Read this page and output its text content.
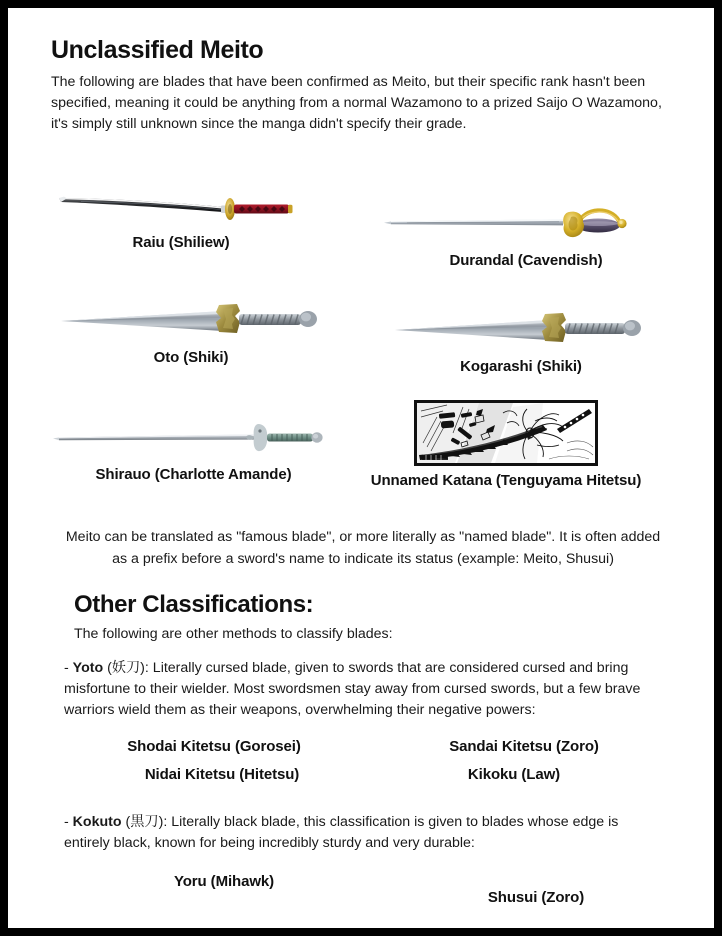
Unclassified Meito

The following are blades that have been confirmed as Meito, but their specific rank hasn't been specified, meaning it could be anything from a normal Wazamono to a prized Saijo O Wazamono, it's simply still unknown since the manga didn't specify their grade.

Raiu (Shiliew)
Durandal (Cavendish)
Oto (Shiki)
Kogarashi (Shiki)
Shirauo (Charlotte Amande)	Unnamed Katana (Tenguyama Hitetsu)

Meito can be translated as "famous blade", or more literally as "named blade". It is often added as a prefix before a sword's name to indicate its status (example: Meito, Shusui)

Other Classifications:

The following are other methods to classify blades:

- Yoto (妖刀): Literally cursed blade, given to swords that are considered cursed and bring misfortune to their wielder. Most swordsmen stay away from cursed swords, but a few brave warriors wield them as their weapons, overwhelming their negative powers:

Shodai Kitetsu (Gorosei)	Sandai Kitetsu (Zoro)
Nidai Kitetsu (Hitetsu)	Kikoku (Law)

- Kokuto (黒刀): Literally black blade, this classification is given to blades whose edge is entirely black, known for being incredibly sturdy and very durable:

Yoru (Mihawk)
Shusui (Zoro)
